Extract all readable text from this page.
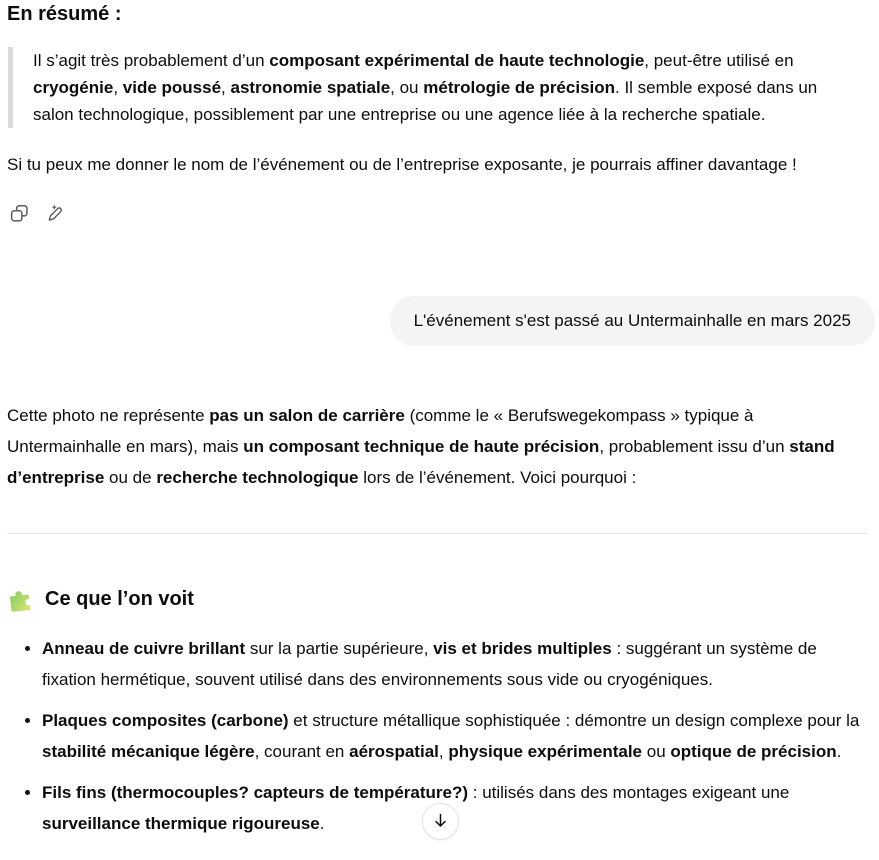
En résumé :
Il s’agit très probablement d’un composant expérimental de haute technologie, peut-être utilisé en cryogénie, vide poussé, astronomie spatiale, ou métrologie de précision. Il semble exposé dans un salon technologique, possiblement par une entreprise ou une agence liée à la recherche spatiale.

Si tu peux me donner le nom de l’événement ou de l’entreprise exposante, je pourrais affiner davantage !

L'événement s'est passé au Untermainhalle en mars 2025

Cette photo ne représente pas un salon de carrière (comme le « Berufswegekompass » typique à Untermainhalle en mars), mais un composant technique de haute précision, probablement issu d’un stand d’entreprise ou de recherche technologique lors de l’événement. Voici pourquoi :

Ce que l’on voit
Anneau de cuivre brillant sur la partie supérieure, vis et brides multiples : suggérant un système de fixation hermétique, souvent utilisé dans des environnements sous vide ou cryogéniques.
Plaques composites (carbone) et structure métallique sophistiquée : démontre un design complexe pour la stabilité mécanique légère, courant en aérospatial, physique expérimentale ou optique de précision.
Fils fins (thermocouples? capteurs de température?) : utilisés dans des montages exigeant une surveillance thermique rigoureuse.
